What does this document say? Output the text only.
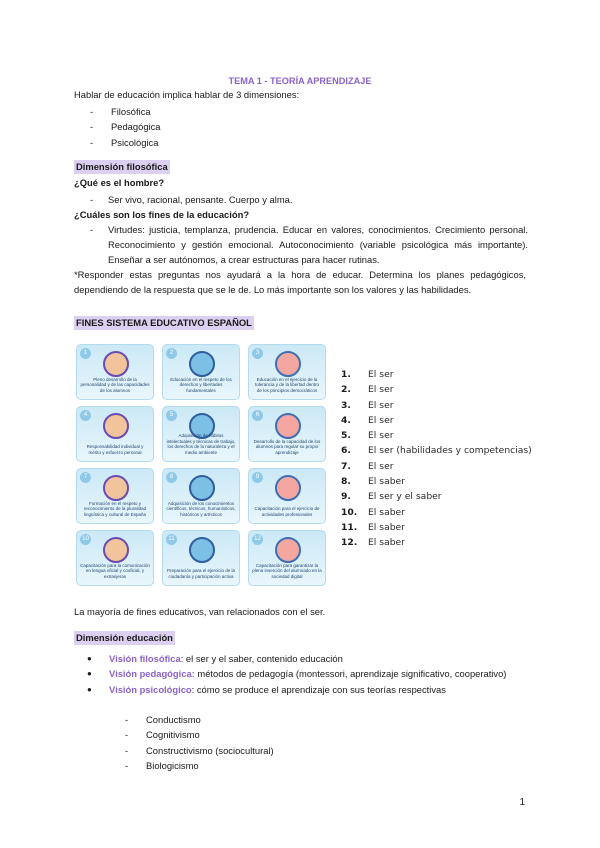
TEMA 1 - TEORÍA APRENDIZAJE
Hablar de educación implica hablar de 3 dimensiones:
-	Filosófica
-	Pedagógica
-	Psicológica
Dimensión filosófica
¿Qué es el hombre?
-	Ser vivo, racional, pensante. Cuerpo y alma.
¿Cuáles son los fines de la educación?
-	Virtudes: justicia, templanza, prudencia. Educar en valores, conocimientos. Crecimiento personal. Reconocimiento y gestión emocional. Autoconocimiento (variable psicológica más importante). Enseñar a ser autónomos, a crear estructuras para hacer rutinas.
*Responder estas preguntas nos ayudará a la hora de educar. Determina los planes pedagógicos, dependiendo de la respuesta que se le de. Lo más importante son los valores y las habilidades.
FINES SISTEMA EDUCATIVO ESPAÑOL
1
Pleno desarrollo de la personalidad y de las capacidades de los alumnos
2
Educación en el respeto de los derechos y libertades fundamentales
3
Educación en el ejercicio de la tolerancia y de la libertad dentro de los principios democráticos
4
Responsabilidad individual y mérito y esfuerzo personal
5
Adquisición de hábitos intelectuales y técnicas de trabajo, los derechos de la naturaleza y el medio ambiente
6
Desarrollo de la capacidad de los alumnos para regular su propio aprendizaje
7
Formación en el respeto y reconocimiento de la pluralidad lingüística y cultural de España
8
Adquisición de los conocimientos científicos, técnicos, humanísticos, históricos y artísticos
9
Capacitación para el ejercicio de actividades profesionales
10
Capacitación para la comunicación en lengua oficial y cooficial, y extranjeras
11
Preparación para el ejercicio de la ciudadanía y participación activa
12
Capacitación para garantizar la plena inserción del alumnado en la sociedad digital
1.	El ser
2.	El ser
3.	El ser
4.	El ser
5.	El ser
6.	El ser (habilidades y competencias)
7.	El ser
8.	El saber
9.	El ser y el saber
10.	El saber
11.	El saber
12.	El saber
La mayoría de fines educativos, van relacionados con el ser.
Dimensión educación
●	Visión filosófica: el ser y el saber, contenido educación
●	Visión pedagógica: métodos de pedagogía (montessori, aprendizaje significativo, cooperativo)
●	Visión psicológico: cómo se produce el aprendizaje con sus teorías respectivas
-	Conductismo
-	Cognitivismo
-	Constructivismo (sociocultural)
-	Biologicismo
1
